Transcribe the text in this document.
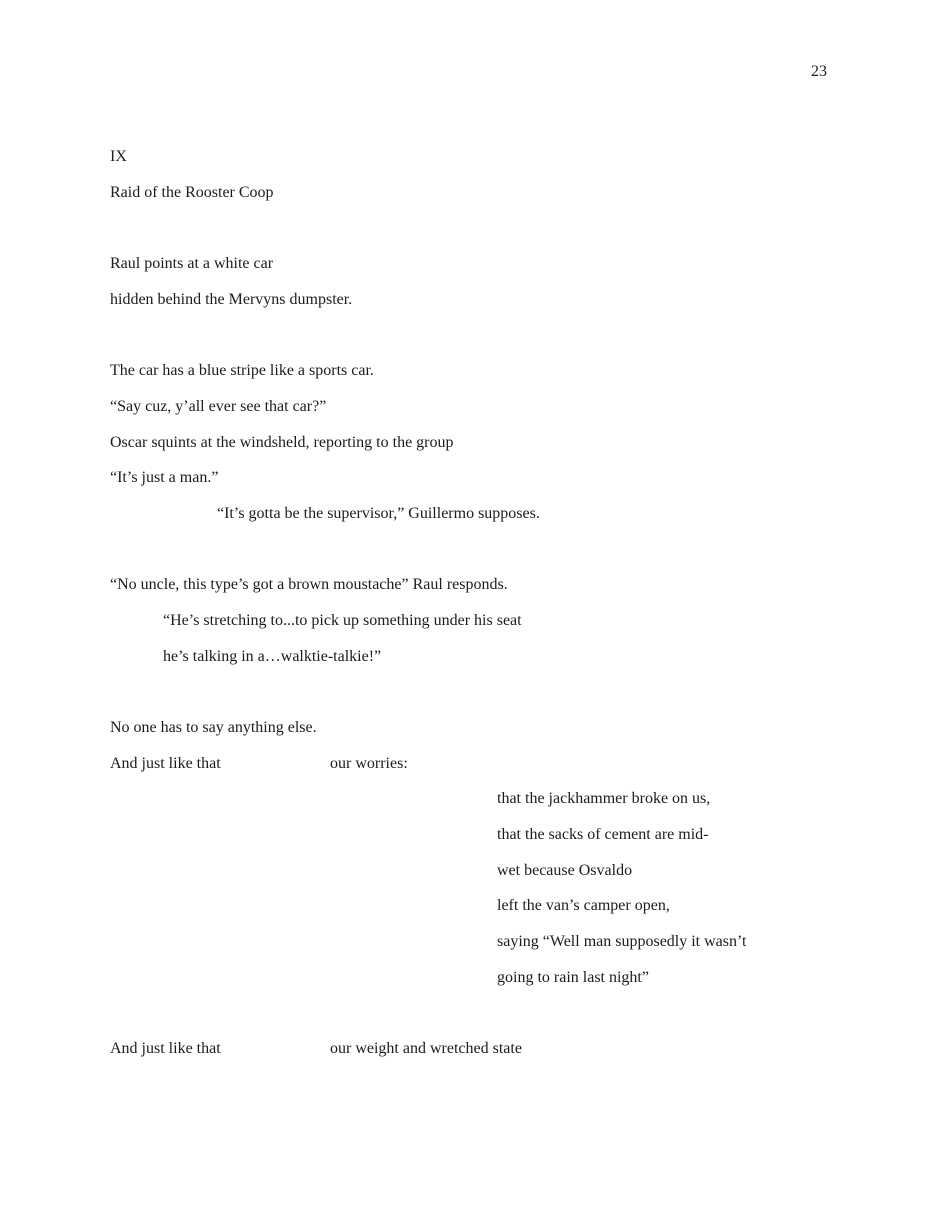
23

IX

Raid of the Rooster Coop

Raul points at a white car
hidden behind the Mervyns dumpster.
The car has a blue stripe like a sports car.
“Say cuz, y’all ever see that car?”
Oscar squints at the windsheld, reporting to the group
“It’s just a man.”
“It’s gotta be the supervisor,” Guillermo supposes.
“No uncle, this type’s got a brown moustache” Raul responds.
“He’s stretching to...to pick up something under his seat
he’s talking in a…walktie-talkie!”
No one has to say anything else.
And just like that	our worries:
that the jackhammer broke on us,
that the sacks of cement are mid-
wet because Osvaldo
left the van’s camper open,
saying “Well man supposedly it wasn’t
going to rain last night”
And just like that	our weight and wretched state
